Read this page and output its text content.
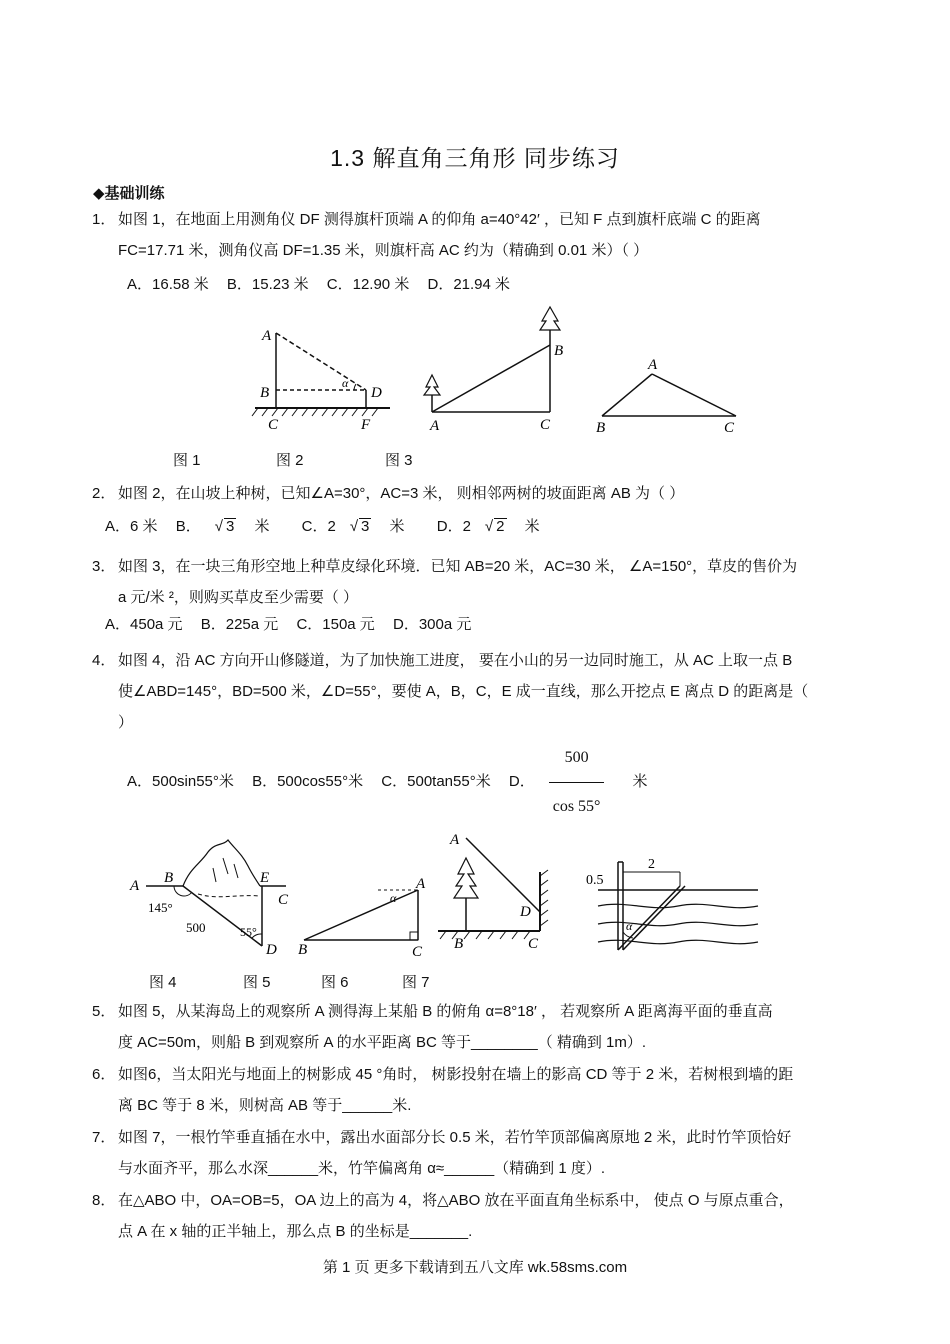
1.3 解直角三角形 同步练习
◆基础训练
1． 如图 1，在地面上用测角仪 DF 测得旗杆顶端 A 的仰角 a=40°42′ ，已知 F 点到旗杆底端 C 的距离
FC=17.71 米，测角仪高 DF=1.35 米，则旗杆高 AC 约为（精确到 0.01 米）（ ）
A．16.58 米 B．15.23 米 C．12.90 米 D．21.94 米
A
B
C
D
F
α
A
B
C
A
B	C
图 1	图 2	图 3
2． 如图 2，在山坡上种树，已知∠A=30°，AC=3 米， 则相邻两树的坡面距离 AB 为（ ）
A．6 米 B． √ 3 米 C．2 √ 3 米 D．2 √ 2 米
3． 如图 3，在一块三角形空地上种草皮绿化环境．已知 AB=20 米，AC=30 米， ∠A=150°，草皮的售价为
a 元/米 ²，则购买草皮至少需要（ ）
A．450a 元 B．225a 元 C．150a 元 D．300a 元
4． 如图 4，沿 AC 方向开山修隧道，为了加快施工进度， 要在小山的另一边同时施工，从 AC 上取一点 B
使∠ABD=145°，BD=500 米，∠D=55°，要使 A，B，C，E 成一直线，那么开挖点 E 离点 D 的距离是（
）
A．500sin55°米 B．500cos55°米 C．500tan55°米 D． $\frac{500}{\cos 55^\circ}$ 米
A B	E
C
D
145°
500	55°
A
α
B	C
A
B	C
D
0.5
2
α
图 4	图 5	图 6	图 7
5． 如图 5，从某海岛上的观察所 A 测得海上某船 B 的俯角 α=8°18′ ， 若观察所 A 距离海平面的垂直高
度 AC=50m，则船 B 到观察所 A 的水平距离 BC 等于________（ 精确到 1m）.
6． 如图6，当太阳光与地面上的树影成 45 °角时， 树影投射在墙上的影高 CD 等于 2 米，若树根到墙的距
离 BC 等于 8 米，则树高 AB 等于______米.
7． 如图 7，一根竹竿垂直插在水中，露出水面部分长 0.5 米，若竹竿顶部偏离原地 2 米，此时竹竿顶恰好
与水面齐平，那么水深______米，竹竿偏离角 α≈______（精确到 1 度）.
8． 在△ABO 中，OA=OB=5，OA 边上的高为 4，将△ABO 放在平面直角坐标系中， 使点 O 与原点重合，
点 A 在 x 轴的正半轴上，那么点 B 的坐标是_______.
第 1 页 更多下载请到五八文库 wk.58sms.com
